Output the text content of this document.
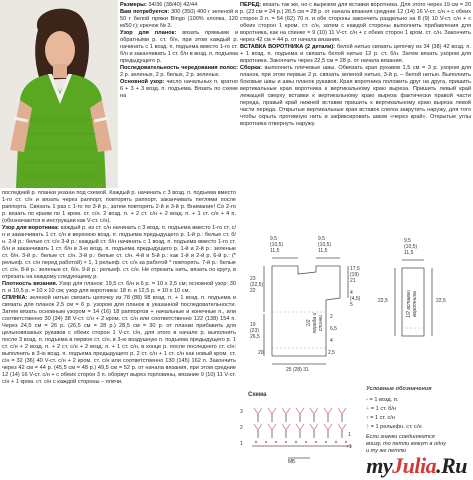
Размеры: 34/36 (38/40) 42/44

Вам потребуется: 300 (350) 400 г зеленой и 50 г белой пряжи Bingo (100% хлопка, 120 м/50 г); крючок № 3.

Узор для планок: вязать прямыми и обратными р. ст. б/н, при этом каждый р. начинать с 1 возд. п. подъема вместо 1-го ст. б/н и заканчивать 1 ст. б/н в возд. п. подъема предыдущего р.

Последовательность чередования полос: 2 р. зеленых, 2 р. белых, 2 р. зеленых.

Основной узор: число начальных п. кратно 6 + 3 + 3 возд. п. подъема. Вязать по схеме на

последний р. планки указан под схемой. Каждый р. начинать с 3 возд. п. подъема вместо 1-го ст. с/н и вязать через раппорт, повторять раппорт, заканчивать петлями после раппорта. Связать 1 раз с 1-го по 3-й р., затем повторять 2-й и 3-й р. Внимание! Со 2-го р. вязать по краям по 1 кром. ст. с/н. 2 возд. п. + 2 ст. с/н + 2 возд. п. + 1 ст. с/н + 4 п. (обозначаются в инструкции как V-ст. с/н).

Узор для воротника: каждый р. из ст. с/н начинать с 3 возд. п. подъема вместо 1-го ст. с/н и заканчивать 1 ст. с/н в верхнюю возд. п. подъема предыдущего р. 1-й р.: белые ст. б/н. 2-й р.: белые ст. с/н 3-й р.: каждый ст. б/н начинать с 1 возд. п. подъема вместо 1-го ст. б/н и заканчивать 1 ст. б/н в 3-ю возд. п. подъема предыдущего р. 1-й и 2-й р.: зеленые ст. б/н. 3-й р.: белые ст. с/н. 3-й р.: белые ст. с/н. 4-й и 5-й р.: как 1-й и 2-й р. 6-й р.: (* рельеф. ст. с/н перед работой) × 1, 1 рельеф. ст. с/н за работой * повторять. 7-й р.: белые ст. с/н. 8-й р.: зеленые ст. б/н. 9-й р.: рельеф. ст. с/н. Не отрезать нить, вязать по кругу, в отрезать на каждому следующему р.

Плотность вязания. Узор для планок: 19,5 ст. б/н и 6 р. = 10 х 2,5 см; основной узор: 30 п. и 10,5 р. = 10 х 10 см; узор для воротника: 18 п. и 12,5 р. = 10 х 10 см.

СПИНКА: зеленой нитью связать цепочку из 78 (88) 98 возд. п. + 1 возд. п. подъема и связать для планок 2,5 см = 6 р. узором для планок в указанной последовательности. Затем вязать основным узором = 14 (16) 18 раппортов + начальные и конечные п., или соответственно 30 (34) 38 V-ст. с/н + 2 кром. ст. с/н или соответственно 122 (138) 154 п. Через 24,5 см = 26 р. (26,5 см = 28 р.) 28,5 см = 30 р. от планки прибавить для цельновязаных рукавов с обеих сторон 1 V-ст. с/н, для этого в начале р. выполнить после 3 возд. п. подъема в первое ст. с/н, в 3-ю воздушную п. подъема предыдущего р. 1 ст. с/н + 2 возд. п. + 2 ст. с/н + 2 возд. п. + 1 ст. с/н, в конце р. после последнего ст. с/н: выполнить в 3-ю возд. п. подъема предыдущего р. 2 ст. с/н + 1 ст. с/н как новый кром. ст. с/н = 32 (36) 40 V-ст. с/н + 2 кром. ст. с/н или соответственно 130 (145) 162 п. Закончить через 42 см = 44 р. (45,5 см = 48 р.) 49,5 см = 52 р. от начала вязания, при этом средние 12 (14) 16 V-ст. с/н + с обеих сторон 3 п. оборвут вырез горловины, вязание 9 (10) 11 V-ст. с/н + 1 кром. ст. с/н с каждой стороны – плечи.

ПЕРЕД: вязать так же, но с вырезом для вставки воротника. Для этого через 19 см = 20 р. (23 см = 24 р.) 26,5 см = 28 р. от начала вязания средние 12 (14) 16 V-ст. с/н + с обеих сторон 3 п. = 54 (62) 70 п. и обе стороны закончить раздельно на 8 (9) 10 V-ст. с/н + с обеих сторон 1 кром. ст. с/н, затем с каждой стороны выполнить прибавления для воротника, как на спинке = 9 (10) 11 V-ст. с/н + с обеих сторон 1 кром. ст. с/н. Закончить через 42 см = 44 р. от начала вязания.

ВСТАВКА ВОРОТНИКА (2 детали): белой нитью связать цепочку из 34 (38) 42 возд. п. + 1 возд. п. подъема и связать белой нитью 12 р. ст. б/н. Затем вязать узором для воротника. Закончить через 22,5 см = 28 р. от начала вязания.

Сборка: выполнить плечевые швы. Обвязать края рукавов 1,5 см = 3 р. узором для планок, при этом первые 2 р. связать зеленой нитью, 3-й р. – белой нитью. Выполнить боковые швы и швы планок рукавов. Края воротника положить друг на друга, пришить вертикальные края воротника к вертикальному краю выреза. Пришить левый край лежащей сверху вставки к вертикальному краю выреза фактически правой части переда, правый край нижней вставки пришить к вертикальному краю выреза левой части переда. Открытые вертикальные края вставок слегка закрутить наружу, для того чтобы скрыть противную нить и зафиксировать швом «через край». Открытые углы воротника отвернуть наружу.

9,5
(10,5)
11,5
9,5
(10,5)
11,5
23
(22,5)
22
19
(23)
26,5
17,5
(19)
21
4
(4,5)
5
2
6,5
4
25 (28) 31
2,5
20
1/2 переда и спинки
1/2 вставки воротника
9,5
(10,5)
11,5
22,5	22,5
Схема
3
2
1
МБ
1
+1
Условные обозначения
• = 1 возд. п.
+ = 1 ст. б/н
т = 1 ст. с/н
† = 1 рельефн. ст. с/н
Если значки соединяются внизу, то петли вяжут в одну и ту же петлю
myJulia.Ru
